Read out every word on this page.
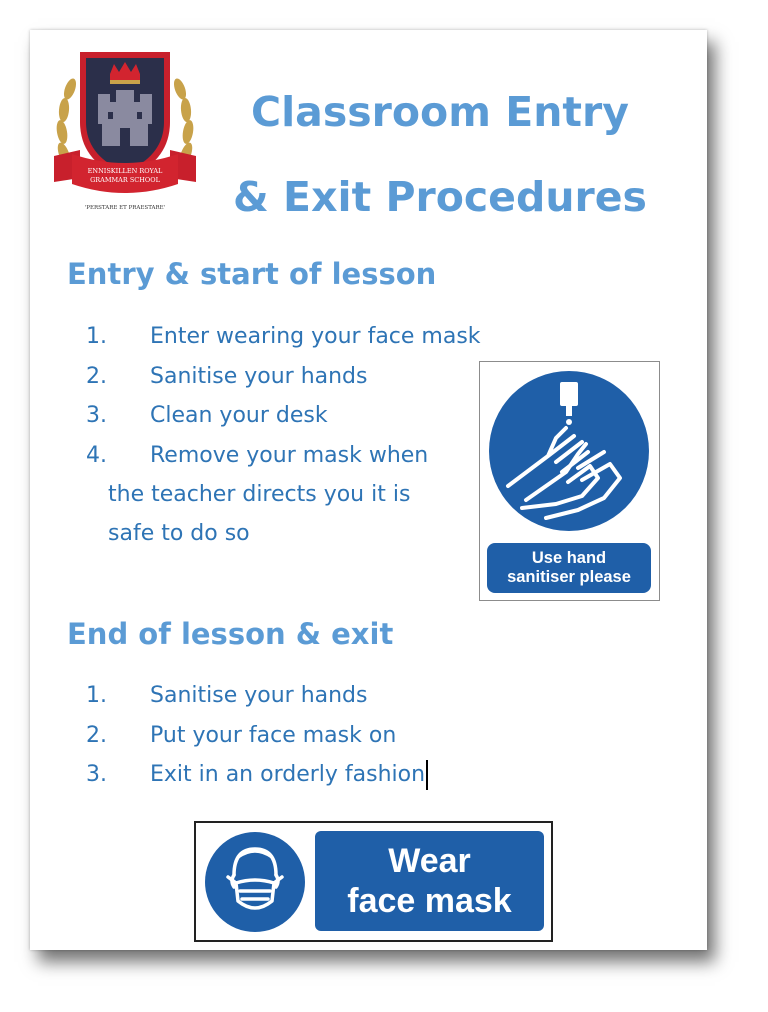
ENNISKILLEN ROYAL
GRAMMAR SCHOOL
'PERSTARE ET PRAESTARE'
Classroom Entry
& Exit Procedures
Entry & start of lesson
1. Enter wearing your face mask
2. Sanitise your hands
3. Clean your desk
4. Remove your mask when

the teacher directs you it is

safe to do so

Use hand
sanitiser please
End of lesson & exit
1. Sanitise your hands
2. Put your face mask on
3. Exit in an orderly fashion
Wear
face mask
